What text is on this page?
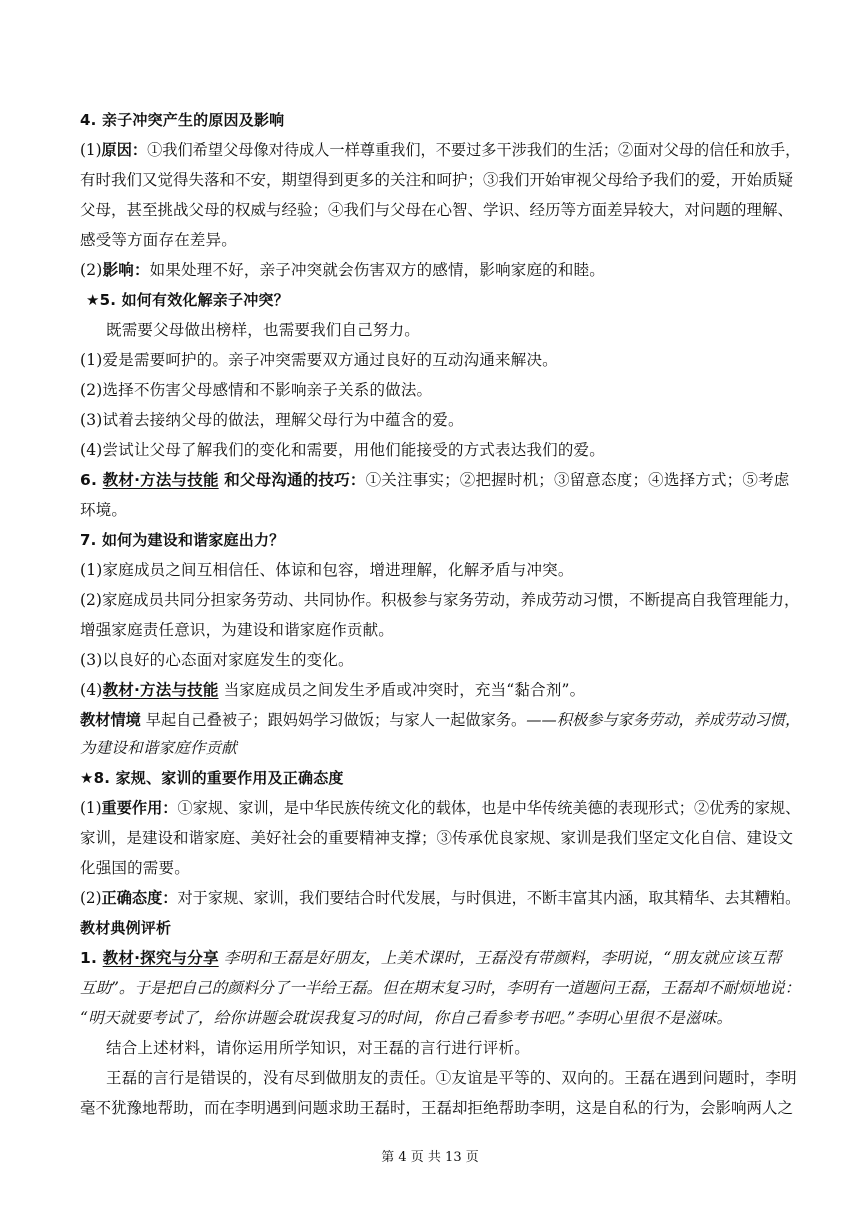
4. 亲子冲突产生的原因及影响
(1)原因：①我们希望父母像对待成人一样尊重我们，不要过多干涉我们的生活；②面对父母的信任和放手，
有时我们又觉得失落和不安，期望得到更多的关注和呵护；③我们开始审视父母给予我们的爱，开始质疑
父母，甚至挑战父母的权威与经验；④我们与父母在心智、学识、经历等方面差异较大，对问题的理解、
感受等方面存在差异。
(2)影响：如果处理不好，亲子冲突就会伤害双方的感情，影响家庭的和睦。
★5. 如何有效化解亲子冲突？
既需要父母做出榜样，也需要我们自己努力。
(1)爱是需要呵护的。亲子冲突需要双方通过良好的互动沟通来解决。
(2)选择不伤害父母感情和不影响亲子关系的做法。
(3)试着去接纳父母的做法，理解父母行为中蕴含的爱。
(4)尝试让父母了解我们的变化和需要，用他们能接受的方式表达我们的爱。
6. 教材·方法与技能 和父母沟通的技巧：①关注事实；②把握时机；③留意态度；④选择方式；⑤考虑
环境。
7. 如何为建设和谐家庭出力？
(1)家庭成员之间互相信任、体谅和包容，增进理解，化解矛盾与冲突。
(2)家庭成员共同分担家务劳动、共同协作。积极参与家务劳动，养成劳动习惯，不断提高自我管理能力，
增强家庭责任意识，为建设和谐家庭作贡献。
(3)以良好的心态面对家庭发生的变化。
(4)教材·方法与技能 当家庭成员之间发生矛盾或冲突时，充当“黏合剂”。
教材情境 早起自己叠被子；跟妈妈学习做饭；与家人一起做家务。——积极参与家务劳动，养成劳动习惯，
为建设和谐家庭作贡献
★8. 家规、家训的重要作用及正确态度
(1)重要作用：①家规、家训，是中华民族传统文化的载体，也是中华传统美德的表现形式；②优秀的家规、
家训，是建设和谐家庭、美好社会的重要精神支撑；③传承优良家规、家训是我们坚定文化自信、建设文
化强国的需要。
(2)正确态度：对于家规、家训，我们要结合时代发展，与时俱进，不断丰富其内涵，取其精华、去其糟粕。
教材典例评析
1. 教材·探究与分享 李明和王磊是好朋友，上美术课时，王磊没有带颜料，李明说，“朋友就应该互帮
互助”。于是把自己的颜料分了一半给王磊。但在期末复习时，李明有一道题问王磊，王磊却不耐烦地说：
“明天就要考试了，给你讲题会耽误我复习的时间，你自己看参考书吧。”李明心里很不是滋味。
结合上述材料，请你运用所学知识，对王磊的言行进行评析。
王磊的言行是错误的，没有尽到做朋友的责任。①友谊是平等的、双向的。王磊在遇到问题时，李明
毫不犹豫地帮助，而在李明遇到问题求助王磊时，王磊却拒绝帮助李明，这是自私的行为，会影响两人之
第 4 页 共 13 页
